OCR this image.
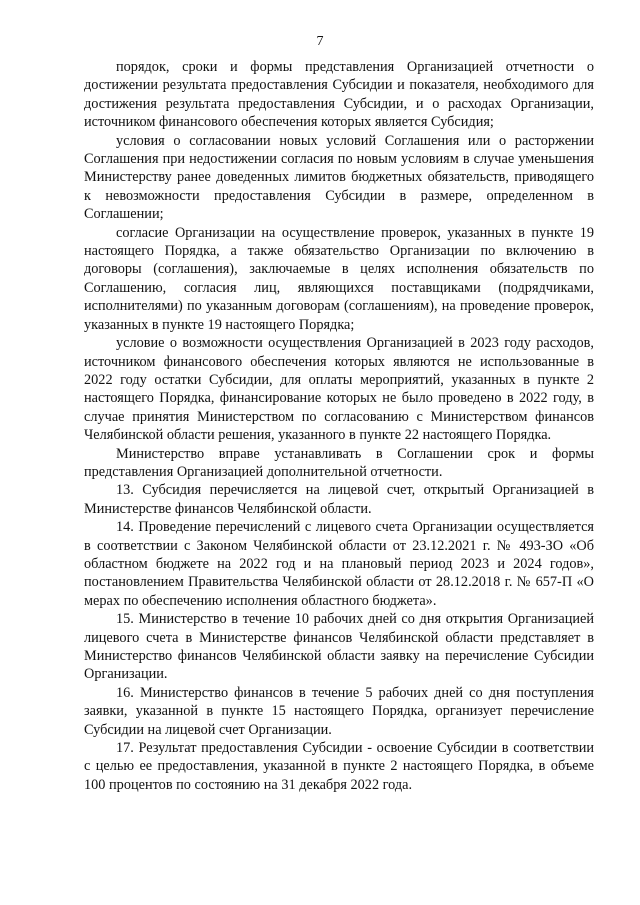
7

порядок, сроки и формы представления Организацией отчетности о достижении результата предоставления Субсидии и показателя, необходимого для достижения результата предоставления Субсидии, и о расходах Организации, источником финансового обеспечения которых является Субсидия;

условия о согласовании новых условий Соглашения или о расторжении Соглашения при недостижении согласия по новым условиям в случае уменьшения Министерству ранее доведенных лимитов бюджетных обязательств, приводящего к невозможности предоставления Субсидии в размере, определенном в Соглашении;

согласие Организации на осуществление проверок, указанных в пункте 19 настоящего Порядка, а также обязательство Организации по включению в договоры (соглашения), заключаемые в целях исполнения обязательств по Соглашению, согласия лиц, являющихся поставщиками (подрядчиками, исполнителями) по указанным договорам (соглашениям), на проведение проверок, указанных в пункте 19 настоящего Порядка;

условие о возможности осуществления Организацией в 2023 году расходов, источником финансового обеспечения которых являются не использованные в 2022 году остатки Субсидии, для оплаты мероприятий, указанных в пункте 2 настоящего Порядка, финансирование которых не было проведено в 2022 году, в случае принятия Министерством по согласованию с Министерством финансов Челябинской области решения, указанного в пункте 22 настоящего Порядка.

Министерство вправе устанавливать в Соглашении срок и формы представления Организацией дополнительной отчетности.

13. Субсидия перечисляется на лицевой счет, открытый Организацией в Министерстве финансов Челябинской области.

14. Проведение перечислений с лицевого счета Организации осуществляется в соответствии с Законом Челябинской области от 23.12.2021 г. № 493-ЗО «Об областном бюджете на 2022 год и на плановый период 2023 и 2024 годов», постановлением Правительства Челябинской области от 28.12.2018 г. № 657-П «О мерах по обеспечению исполнения областного бюджета».

15. Министерство в течение 10 рабочих дней со дня открытия Организацией лицевого счета в Министерстве финансов Челябинской области представляет в Министерство финансов Челябинской области заявку на перечисление Субсидии Организации.

16. Министерство финансов в течение 5 рабочих дней со дня поступления заявки, указанной в пункте 15 настоящего Порядка, организует перечисление Субсидии на лицевой счет Организации.

17. Результат предоставления Субсидии - освоение Субсидии в соответствии с целью ее предоставления, указанной в пункте 2 настоящего Порядка, в объеме 100 процентов по состоянию на 31 декабря 2022 года.
